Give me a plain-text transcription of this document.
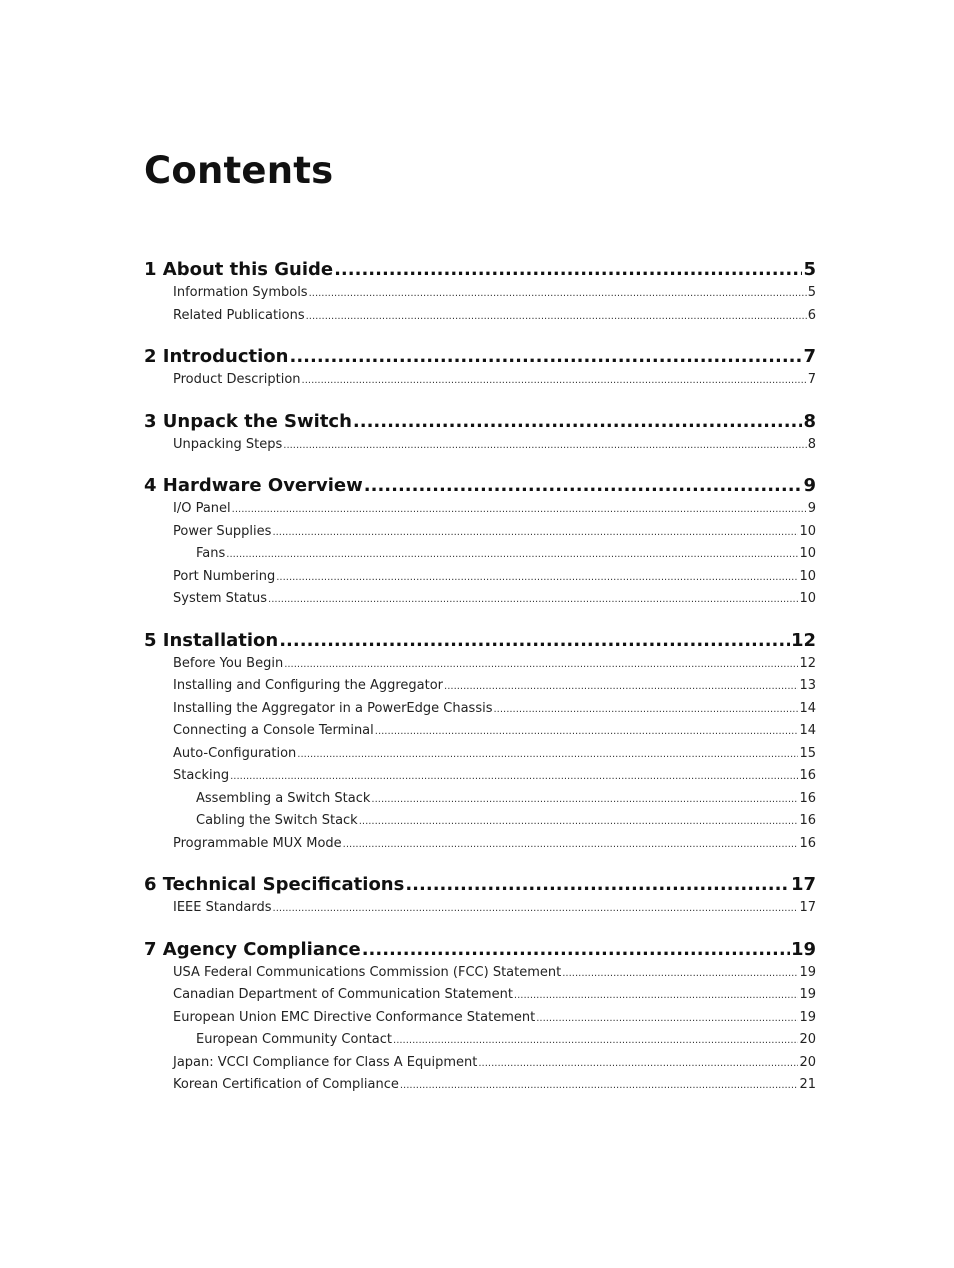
Contents
1 About this Guide .....	5
Information Symbols .....	5
Related Publications .....	6
2 Introduction .....	7
Product Description .....	7
3 Unpack the Switch .....	8
Unpacking Steps .....	8
4 Hardware Overview .....	9
I/O Panel .....	9
Power Supplies .....	10
Fans .....	10
Port Numbering .....	10
System Status .....	10
5 Installation .....	12
Before You Begin .....	12
Installing and Configuring the Aggregator .....	13
Installing the Aggregator in a PowerEdge Chassis .....	14
Connecting a Console Terminal .....	14
Auto-Configuration .....	15
Stacking .....	16
Assembling a Switch Stack .....	16
Cabling the Switch Stack .....	16
Programmable MUX Mode .....	16
6 Technical Specifications .....	17
IEEE Standards .....	17
7 Agency Compliance .....	19
USA Federal Communications Commission (FCC) Statement .....	19
Canadian Department of Communication Statement .....	19
European Union EMC Directive Conformance Statement .....	19
European Community Contact .....	20
Japan: VCCI Compliance for Class A Equipment .....	20
Korean Certification of Compliance .....	21
